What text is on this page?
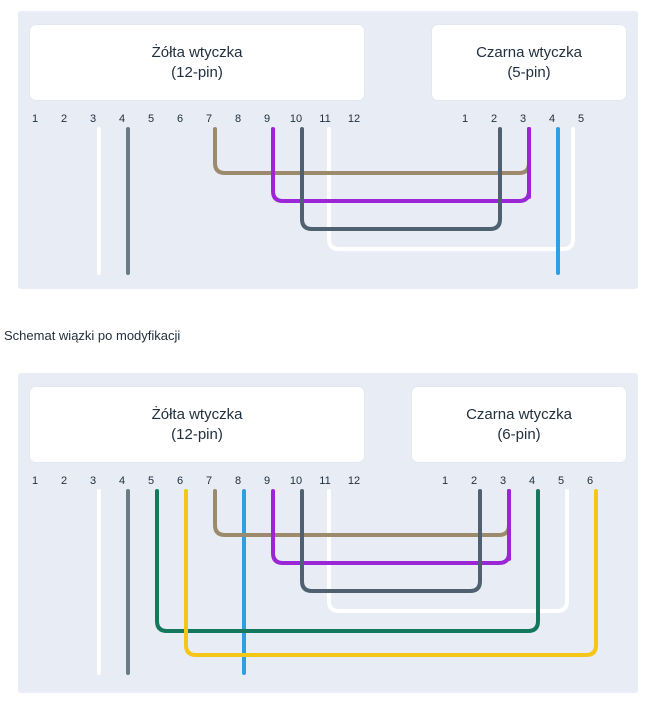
Żółta wtyczka
(12-pin)
Czarna wtyczka
(5-pin)
1	2	3	4	5	6	7	8	9	10 11 12	1	2	3	4	5
Schemat wiązki po modyfikacji
Żółta wtyczka
(12-pin)
Czarna wtyczka
(6-pin)
1	2	3	4	5	6	7	8	9	10 11 12	1	2	3	4	5	6
